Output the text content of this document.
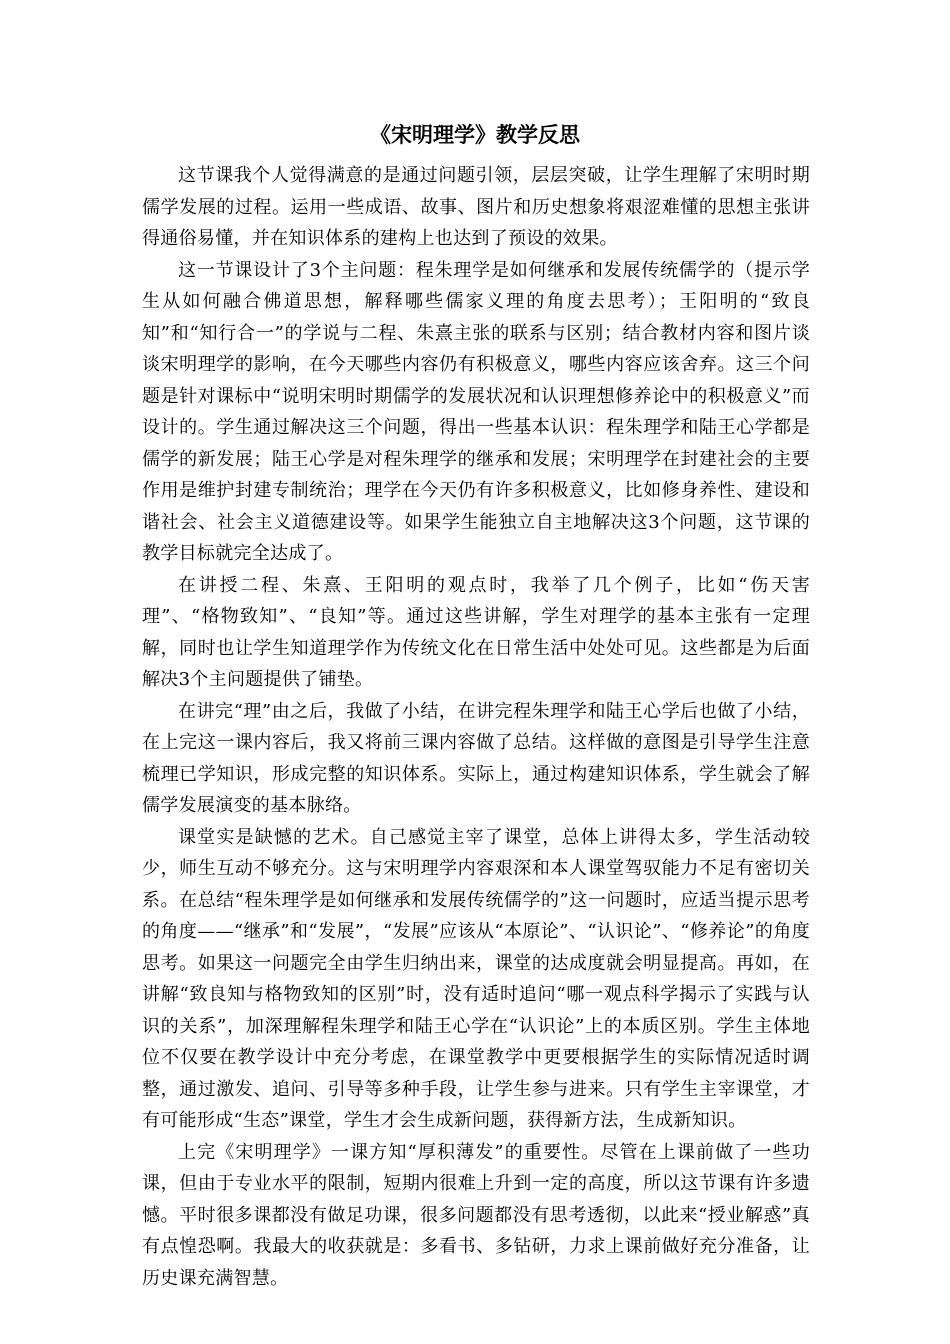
《宋明理学》教学反思

这节课我个人觉得满意的是通过问题引领，层层突破，让学生理解了宋明时期儒学发展的过程。运用一些成语、故事、图片和历史想象将艰涩难懂的思想主张讲得通俗易懂，并在知识体系的建构上也达到了预设的效果。

这一节课设计了3个主问题：程朱理学是如何继承和发展传统儒学的（提示学生从如何融合佛道思想，解释哪些儒家义理的角度去思考）；王阳明的“致良知”和“知行合一”的学说与二程、朱熹主张的联系与区别；结合教材内容和图片谈谈宋明理学的影响，在今天哪些内容仍有积极意义，哪些内容应该舍弃。这三个问题是针对课标中“说明宋明时期儒学的发展状况和认识理想修养论中的积极意义”而设计的。学生通过解决这三个问题，得出一些基本认识：程朱理学和陆王心学都是儒学的新发展；陆王心学是对程朱理学的继承和发展；宋明理学在封建社会的主要作用是维护封建专制统治；理学在今天仍有许多积极意义，比如修身养性、建设和谐社会、社会主义道德建设等。如果学生能独立自主地解决这3个问题，这节课的教学目标就完全达成了。

在讲授二程、朱熹、王阳明的观点时，我举了几个例子，比如“伤天害理”、“格物致知”、“良知”等。通过这些讲解，学生对理学的基本主张有一定理解，同时也让学生知道理学作为传统文化在日常生活中处处可见。这些都是为后面解决3个主问题提供了铺垫。

在讲完“理”由之后，我做了小结，在讲完程朱理学和陆王心学后也做了小结，在上完这一课内容后，我又将前三课内容做了总结。这样做的意图是引导学生注意梳理已学知识，形成完整的知识体系。实际上，通过构建知识体系，学生就会了解儒学发展演变的基本脉络。

课堂实是缺憾的艺术。自己感觉主宰了课堂，总体上讲得太多，学生活动较少，师生互动不够充分。这与宋明理学内容艰深和本人课堂驾驭能力不足有密切关系。在总结“程朱理学是如何继承和发展传统儒学的”这一问题时，应适当提示思考的角度——“继承”和“发展”，“发展”应该从“本原论”、“认识论”、“修养论”的角度思考。如果这一问题完全由学生归纳出来，课堂的达成度就会明显提高。再如，在讲解“致良知与格物致知的区别”时，没有适时追问“哪一观点科学揭示了实践与认识的关系”，加深理解程朱理学和陆王心学在“认识论”上的本质区别。学生主体地位不仅要在教学设计中充分考虑，在课堂教学中更要根据学生的实际情况适时调整，通过激发、追问、引导等多种手段，让学生参与进来。只有学生主宰课堂，才有可能形成“生态”课堂，学生才会生成新问题，获得新方法，生成新知识。

上完《宋明理学》一课方知“厚积薄发”的重要性。尽管在上课前做了一些功课，但由于专业水平的限制，短期内很难上升到一定的高度，所以这节课有许多遗憾。平时很多课都没有做足功课，很多问题都没有思考透彻，以此来“授业解惑”真有点惶恐啊。我最大的收获就是：多看书、多钻研，力求上课前做好充分准备，让历史课充满智慧。
